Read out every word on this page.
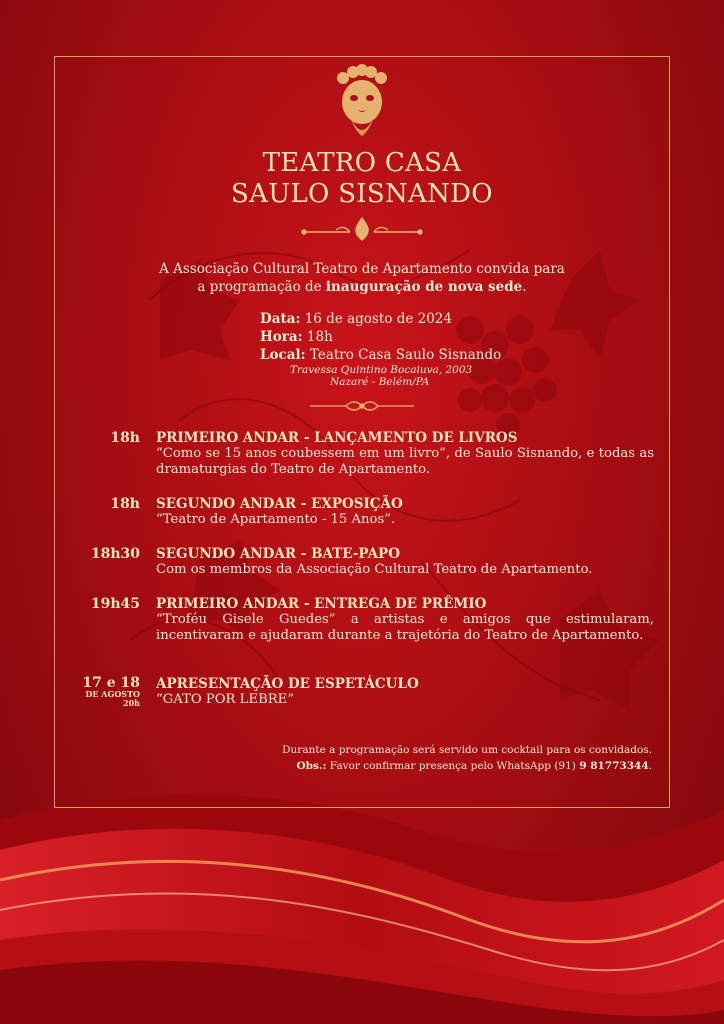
TEATRO CASA
SAULO SISNANDO
A Associação Cultural Teatro de Apartamento convida para
a programação de inauguração de nova sede.
Data: 16 de agosto de 2024
Hora: 18h
Local: Teatro Casa Saulo Sisnando
Travessa Quintino Bocaiuva, 2003
Nazaré - Belém/PA
18h PRIMEIRO ANDAR - LANÇAMENTO DE LIVROS
“Como se 15 anos coubessem em um livro”, de Saulo Sisnando, e todas as dramaturgias do Teatro de Apartamento.
18h SEGUNDO ANDAR - EXPOSIÇÃO
“Teatro de Apartamento - 15 Anos”.
18h30 SEGUNDO ANDAR - BATE-PAPO
Com os membros da Associação Cultural Teatro de Apartamento.
19h45 PRIMEIRO ANDAR - ENTREGA DE PRÊMIO
“Troféu Gisele Guedes” a artistas e amigos que estimularam, incentivaram e ajudaram durante a trajetória do Teatro de Apartamento.
17 e 18
DE AGOSTO
20h
APRESENTAÇÃO DE ESPETÁCULO
“GATO POR LEBRE”
Durante a programação será servido um cocktail para os convidados.
Obs.: Favor confirmar presença pelo WhatsApp (91) 9 81773344.
